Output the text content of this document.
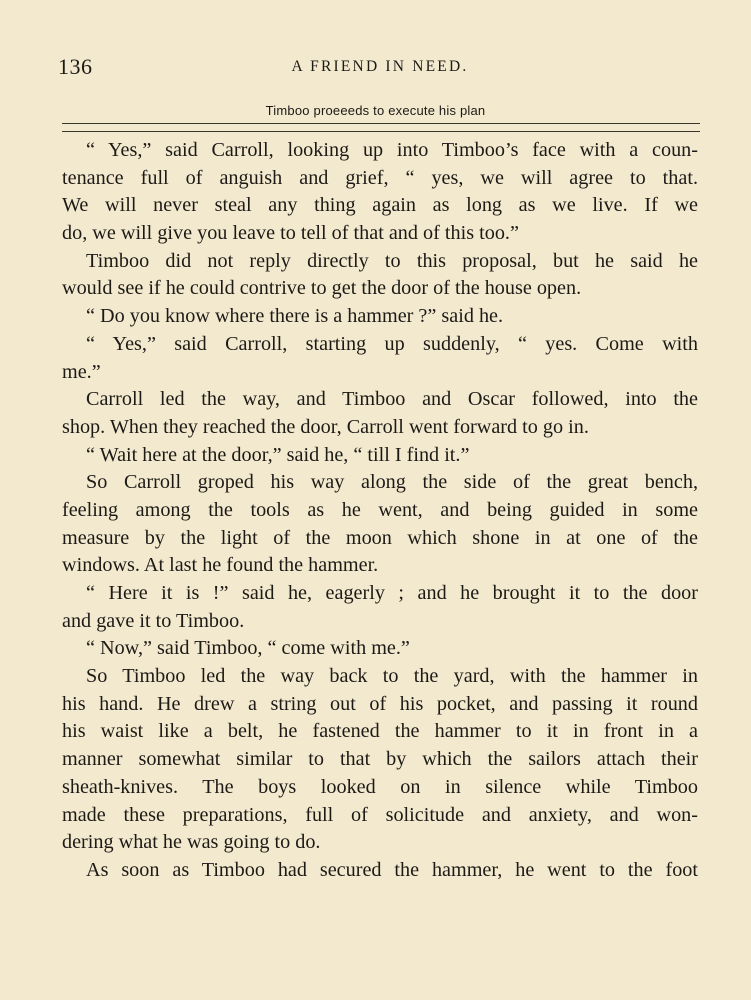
136	A FRIEND IN NEED.
Timboo proeeeds to execute his plan
“ Yes,” said Carroll, looking up into Timboo’s face with a coun-
tenance full of anguish and grief, “ yes, we will agree to that.
We will never steal any thing again as long as we live. If we
do, we will give you leave to tell of that and of this too.”
Timboo did not reply directly to this proposal, but he said he
would see if he could contrive to get the door of the house open.
“ Do you know where there is a hammer ?” said he.
“ Yes,” said Carroll, starting up suddenly, “ yes. Come with
me.”
Carroll led the way, and Timboo and Oscar followed, into the
shop. When they reached the door, Carroll went forward to go in.
“ Wait here at the door,” said he, “ till I find it.”
So Carroll groped his way along the side of the great bench,
feeling among the tools as he went, and being guided in some
measure by the light of the moon which shone in at one of the
windows. At last he found the hammer.
“ Here it is !” said he, eagerly ; and he brought it to the door
and gave it to Timboo.
“ Now,” said Timboo, “ come with me.”
So Timboo led the way back to the yard, with the hammer in
his hand. He drew a string out of his pocket, and passing it round
his waist like a belt, he fastened the hammer to it in front in a
manner somewhat similar to that by which the sailors attach their
sheath-knives. The boys looked on in silence while Timboo
made these preparations, full of solicitude and anxiety, and won-
dering what he was going to do.
As soon as Timboo had secured the hammer, he went to the foot
